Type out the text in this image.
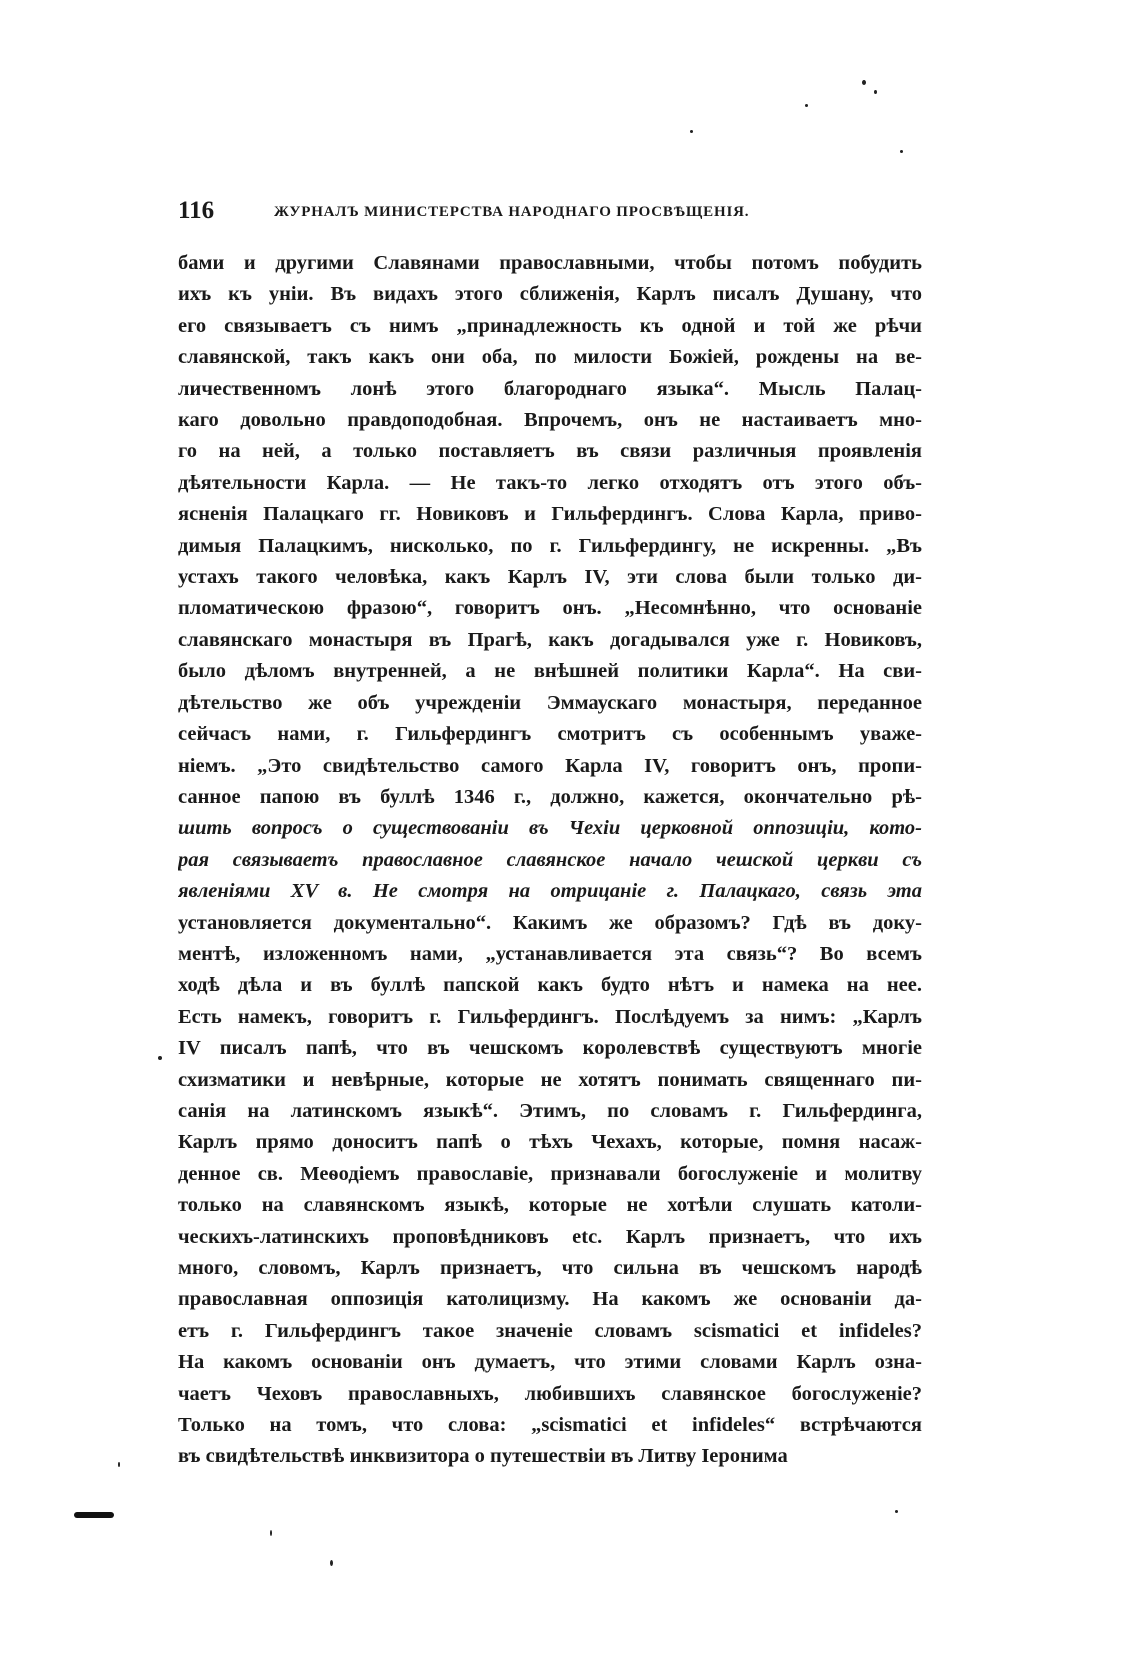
116	ЖУРНАЛЪ МИНИСТЕРСТВА НАРОДНАГО ПРОСВѢЩЕНІЯ.
бами и другими Славянами православными, чтобы потомъ побудить
ихъ къ уніи. Въ видахъ этого сближенія, Карлъ писалъ Душану, что
его связываетъ съ нимъ „принадлежность къ одной и той же рѣчи
славянской, такъ какъ они оба, по милости Божіей, рождены на ве-
личественномъ лонѣ этого благороднаго языка“. Мысль Палац-
каго довольно правдоподобная. Впрочемъ, онъ не настаиваетъ мно-
го на ней, а только поставляетъ въ связи различныя проявленія
дѣятельности Карла. — Не такъ-то легко отходятъ отъ этого объ-
ясненія Палацкаго гг. Новиковъ и Гильфердингъ. Слова Карла, приво-
димыя Палацкимъ, нисколько, по г. Гильфердингу, не искренны. „Въ
устахъ такого человѣка, какъ Карлъ IV, эти слова были только ди-
пломатическою фразою“, говоритъ онъ. „Несомнѣнно, что основаніе
славянскаго монастыря въ Прагѣ, какъ догадывался уже г. Новиковъ,
было дѣломъ внутренней, а не внѣшней политики Карла“. На сви-
дѣтельство же объ учрежденіи Эммаускаго монастыря, переданное
сейчасъ нами, г. Гильфердингъ смотритъ съ особеннымъ уваже-
ніемъ. „Это свидѣтельство самого Карла IV, говоритъ онъ, пропи-
санное папою въ буллѣ 1346 г., должно, кажется, окончательно рѣ-
шить вопросъ о существованіи въ Чехіи церковной оппозиціи, кото-
рая связываетъ православное славянское начало чешской церкви съ
явленіями XV в. Не смотря на отрицаніе г. Палацкаго, связь эта
установляется документально“. Какимъ же образомъ? Гдѣ въ доку-
ментѣ, изложенномъ нами, „устанавливается эта связь“? Во всемъ
ходѣ дѣла и въ буллѣ папской какъ будто нѣтъ и намека на нее.
Есть намекъ, говоритъ г. Гильфердингъ. Послѣдуемъ за нимъ: „Карлъ
IV писалъ папѣ, что въ чешскомъ королевствѣ существуютъ многіе
схизматики и невѣрные, которые не хотятъ понимать священнаго пи-
санія на латинскомъ языкѣ“. Этимъ, по словамъ г. Гильфердинга,
Карлъ прямо доноситъ папѣ о тѣхъ Чехахъ, которые, помня насаж-
денное св. Меѳодіемъ православіе, признавали богослуженіе и молитву
только на славянскомъ языкѣ, которые не хотѣли слушать католи-
ческихъ-латинскихъ проповѣдниковъ etc. Карлъ признаетъ, что ихъ
много, словомъ, Карлъ признаетъ, что сильна въ чешскомъ народѣ
православная оппозиція католицизму. На какомъ же основаніи да-
етъ г. Гильфердингъ такое значеніе словамъ scismatici et infideles?
На какомъ основаніи онъ думаетъ, что этими словами Карлъ озна-
чаетъ Чеховъ православныхъ, любившихъ славянское богослуженіе?
Только на томъ, что слова: „scismatici et infideles“ встрѣчаются
въ свидѣтельствѣ инквизитора о путешествіи въ Литву Іеронима
